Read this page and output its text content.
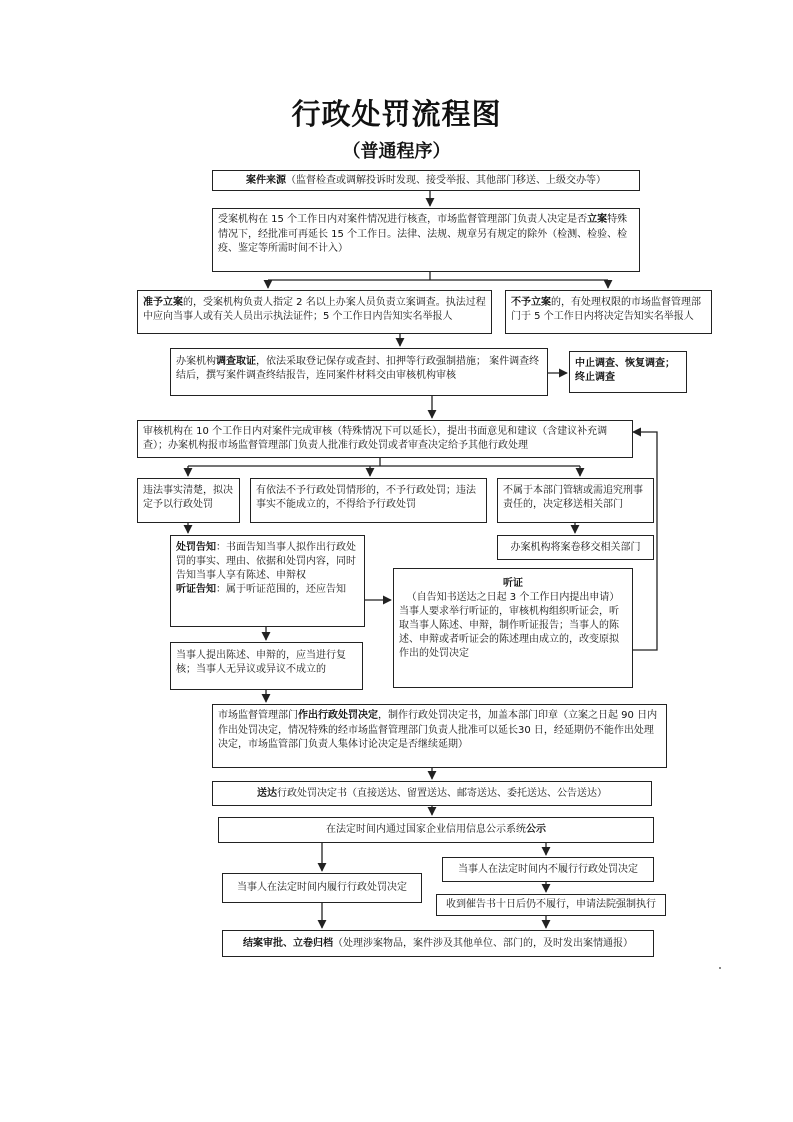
行政处罚流程图
（普通程序）
案件来源（监督检查或调解投诉时发现、接受举报、其他部门移送、上级交办等）
受案机构在 15 个工作日内对案件情况进行核查，市场监督管理部门负责人决定是否立案特殊情况下，经批准可再延长 15 个工作日。法律、法规、规章另有规定的除外（检测、检验、检疫、鉴定等所需时间不计入）
准予立案的，受案机构负责人指定 2 名以上办案人员负责立案调查。执法过程中应向当事人或有关人员出示执法证件；5 个工作日内告知实名举报人
不予立案的，有处理权限的市场监督管理部门于 5 个工作日内将决定告知实名举报人
办案机构调查取证，依法采取登记保存或查封、扣押等行政强制措施； 案件调查终结后，撰写案件调查终结报告，连同案件材料交由审核机构审核
中止调查、恢复调查；终止调查
审核机构在 10 个工作日内对案件完成审核（特殊情况下可以延长），提出书面意见和建议（含建议补充调查）；办案机构报市场监督管理部门负责人批准行政处罚或者审查决定给予其他行政处理
违法事实清楚，拟决定予以行政处罚
有依法不予行政处罚情形的，不予行政处罚；违法事实不能成立的，不得给予行政处罚
不属于本部门管辖或需追究刑事责任的，决定移送相关部门
办案机构将案卷移交相关部门
处罚告知：书面告知当事人拟作出行政处罚的事实、理由、依据和处罚内容，同时告知当事人享有陈述、申辩权
听证告知：属于听证范围的，还应告知
听证
（自告知书送达之日起 3 个工作日内提出申请）
当事人要求举行听证的，审核机构组织听证会，听取当事人陈述、申辩，制作听证报告；当事人的陈述、申辩或者听证会的陈述理由成立的，改变原拟作出的处罚决定
当事人提出陈述、申辩的，应当进行复核；当事人无异议或异议不成立的
市场监督管理部门作出行政处罚决定，制作行政处罚决定书，加盖本部门印章（立案之日起 90 日内作出处罚决定，情况特殊的经市场监督管理部门负责人批准可以延长30 日，经延期仍不能作出处理决定，市场监管部门负责人集体讨论决定是否继续延期）
送达行政处罚决定书（直接送达、留置送达、邮寄送达、委托送达、公告送达）
在法定时间内通过国家企业信用信息公示系统公示
当事人在法定时间内履行行政处罚决定
当事人在法定时间内不履行行政处罚决定
收到催告书十日后仍不履行，申请法院强制执行
结案审批、立卷归档（处理涉案物品，案件涉及其他单位、部门的，及时发出案情通报）
